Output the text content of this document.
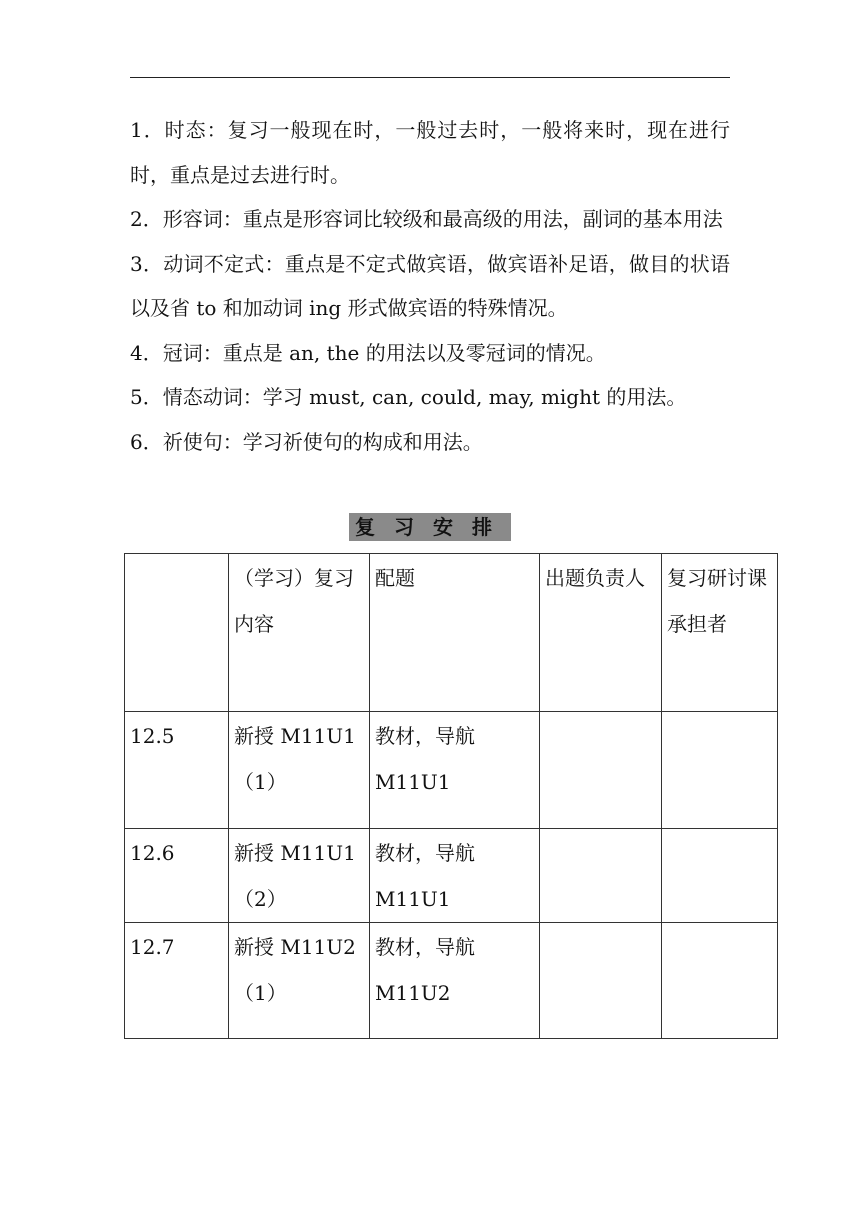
1．时态：复习一般现在时，一般过去时，一般将来时，现在进行时，重点是过去进行时。

2．形容词：重点是形容词比较级和最高级的用法，副词的基本用法

3．动词不定式：重点是不定式做宾语，做宾语补足语，做目的状语以及省 to 和加动词 ing 形式做宾语的特殊情况。

4．冠词：重点是 an, the 的用法以及零冠词的情况。

5．情态动词：学习 must, can, could, may, might 的用法。

6．祈使句：学习祈使句的构成和用法。

复习安排
	（学习）复习内容	配题	出题负责人	复习研讨课承担者
12.5	新授 M11U1（1）	教材，导航 M11U1		
12.6	新授 M11U1（2）	教材，导航 M11U1		
12.7	新授 M11U2（1）	教材，导航 M11U2		
